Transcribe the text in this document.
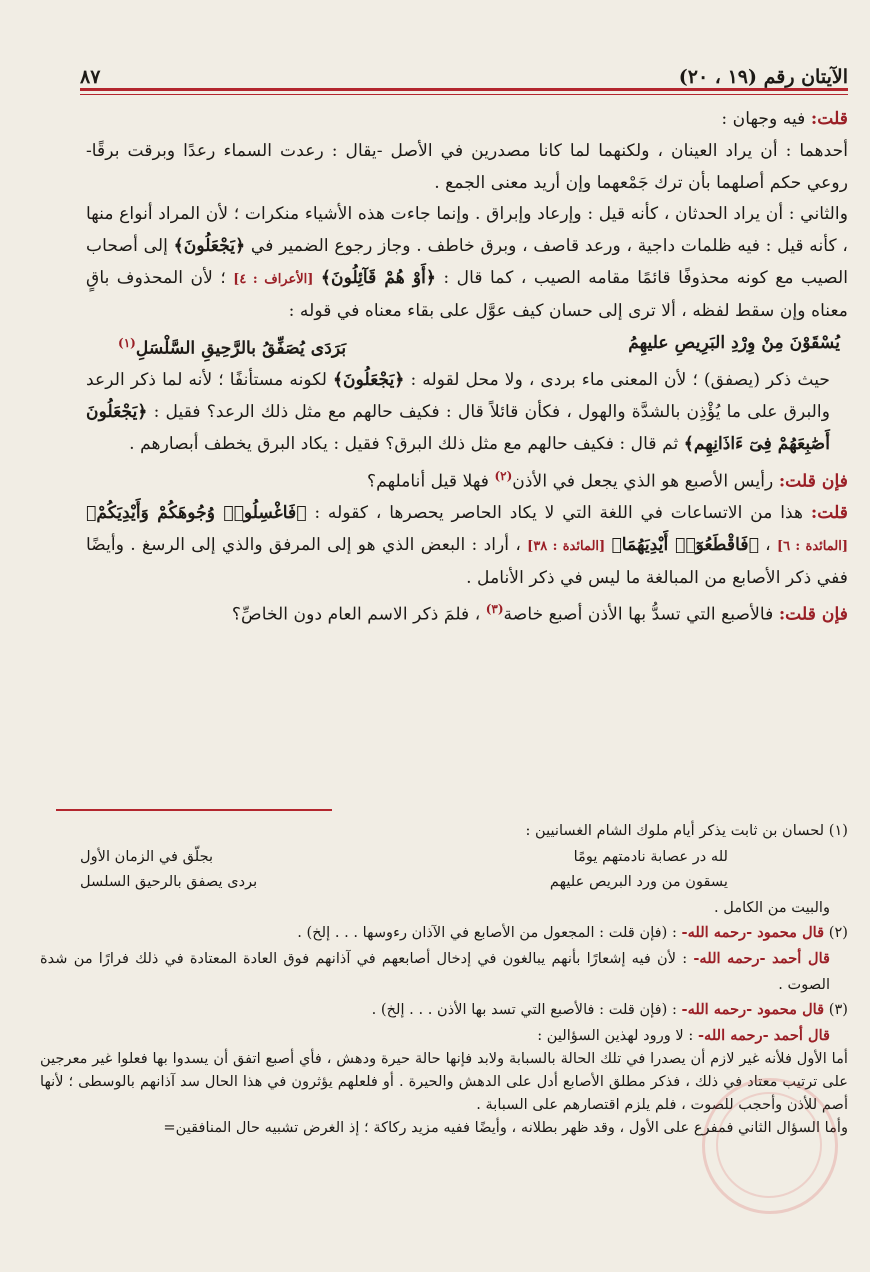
الآيتان رقم (١٩ ، ٢٠)
٨٧

قلت: فيه وجهان :

أحدهما : أن يراد العينان ، ولكنهما لما كانا مصدرين في الأصل -يقال : رعدت السماء رعدًا وبرقت برقًا- روعي حكم أصلهما بأن ترك جَمْعهما وإن أريد معنى الجمع .

والثاني : أن يراد الحدثان ، كأنه قيل : وإرعاد وإبراق . وإنما جاءت هذه الأشياء منكرات ؛ لأن المراد أنواع منها ، كأنه قيل : فيه ظلمات داجية ، ورعد قاصف ، وبرق خاطف . وجاز رجوع الضمير في ﴿يَجْعَلُونَ﴾ إلى أصحاب الصيب مع كونه محذوفًا قائمًا مقامه الصيب ، كما قال : ﴿أَوْ هُمْ قَآئِلُونَ﴾ [الأعراف : ٤] ؛ لأن المحذوف باقٍ معناه وإن سقط لفظه ، ألا ترى إلى حسان كيف عوَّل على بقاء معناه في قوله :

يُسْقَوْنَ مِنْ وِرْدِ البَرِيصِ عليهِمُ
بَرَدَى يُصَفِّقُ بالرَّحِيقِ السَّلْسَلِ$^{(١)}$

حيث ذكر (يصفق) ؛ لأن المعنى ماء بردى ، ولا محل لقوله : ﴿يَجْعَلُونَ﴾ لكونه مستأنفًا ؛ لأنه لما ذكر الرعد والبرق على ما يُؤْذِن بالشدَّة والهول ، فكأن قائلاً قال : فكيف حالهم مع مثل ذلك الرعد؟ فقيل : ﴿يَجْعَلُونَ أَصَٰبِعَهُمْ فِىٓ ءَاذَانِهِم﴾ ثم قال : فكيف حالهم مع مثل ذلك البرق؟ فقيل : يكاد البرق يخطف أبصارهم .

فإن قلت: رأيس الأصبع هو الذي يجعل في الأذن$^{(٢)}$ فهلا قيل أناملهم؟

قلت: هذا من الاتساعات في اللغة التي لا يكاد الحاصر يحصرها ، كقوله : ﴿فَاغْسِلُوا۟ وُجُوهَكُمْ وَأَيْدِيَكُمْ﴾ [المائدة : ٦] ، ﴿فَاقْطَعُوٓا۟ أَيْدِيَهُمَا﴾ [المائدة : ٣٨] ، أراد : البعض الذي هو إلى المرفق والذي إلى الرسغ . وأيضًا ففي ذكر الأصابع من المبالغة ما ليس في ذكر الأنامل .

فإن قلت: فالأصبع التي تسدُّ بها الأذن أصبع خاصة$^{(٣)}$ ، فلمَ ذكر الاسم العام دون الخاصِّ؟

(١) لحسان بن ثابت يذكر أيام ملوك الشام الغسانيين :

لله در عصابة نادمتهم يومًا
بجلّق في الزمان الأول
يسقون من ورد البريص عليهم
بردى يصفق بالرحيق السلسل

والبيت من الكامل .

(٢) قال محمود -رحمه الله- : (فإن قلت : المجعول من الأصابع في الآذان رءوسها . . . إلخ) .

قال أحمد -رحمه الله- : لأن فيه إشعارًا بأنهم يبالغون في إدخال أصابعهم في آذانهم فوق العادة المعتادة في ذلك فرارًا من شدة الصوت .

(٣) قال محمود -رحمه الله- : (فإن قلت : فالأصبع التي تسد بها الأذن . . . إلخ) .

قال أحمد -رحمه الله- : لا ورود لهذين السؤالين :

أما الأول فلأنه غير لازم أن يصدرا في تلك الحالة بالسبابة ولابد فإنها حالة حيرة ودهش ، فأي أصبع اتفق أن يسدوا بها فعلوا غير معرجين على ترتيب معتاد في ذلك ، فذكر مطلق الأصابع أدل على الدهش والحيرة . أو فلعلهم يؤثرون في هذا الحال سد آذانهم بالوسطى ؛ لأنها أصم للأذن وأحجب للصوت ، فلم يلزم اقتصارهم على السبابة .

وأما السؤال الثاني فمفرع على الأول ، وقد ظهر بطلانه ، وأيضًا ففيه مزيد ركاكة ؛ إذ الغرض تشبيه حال المنافقين=
